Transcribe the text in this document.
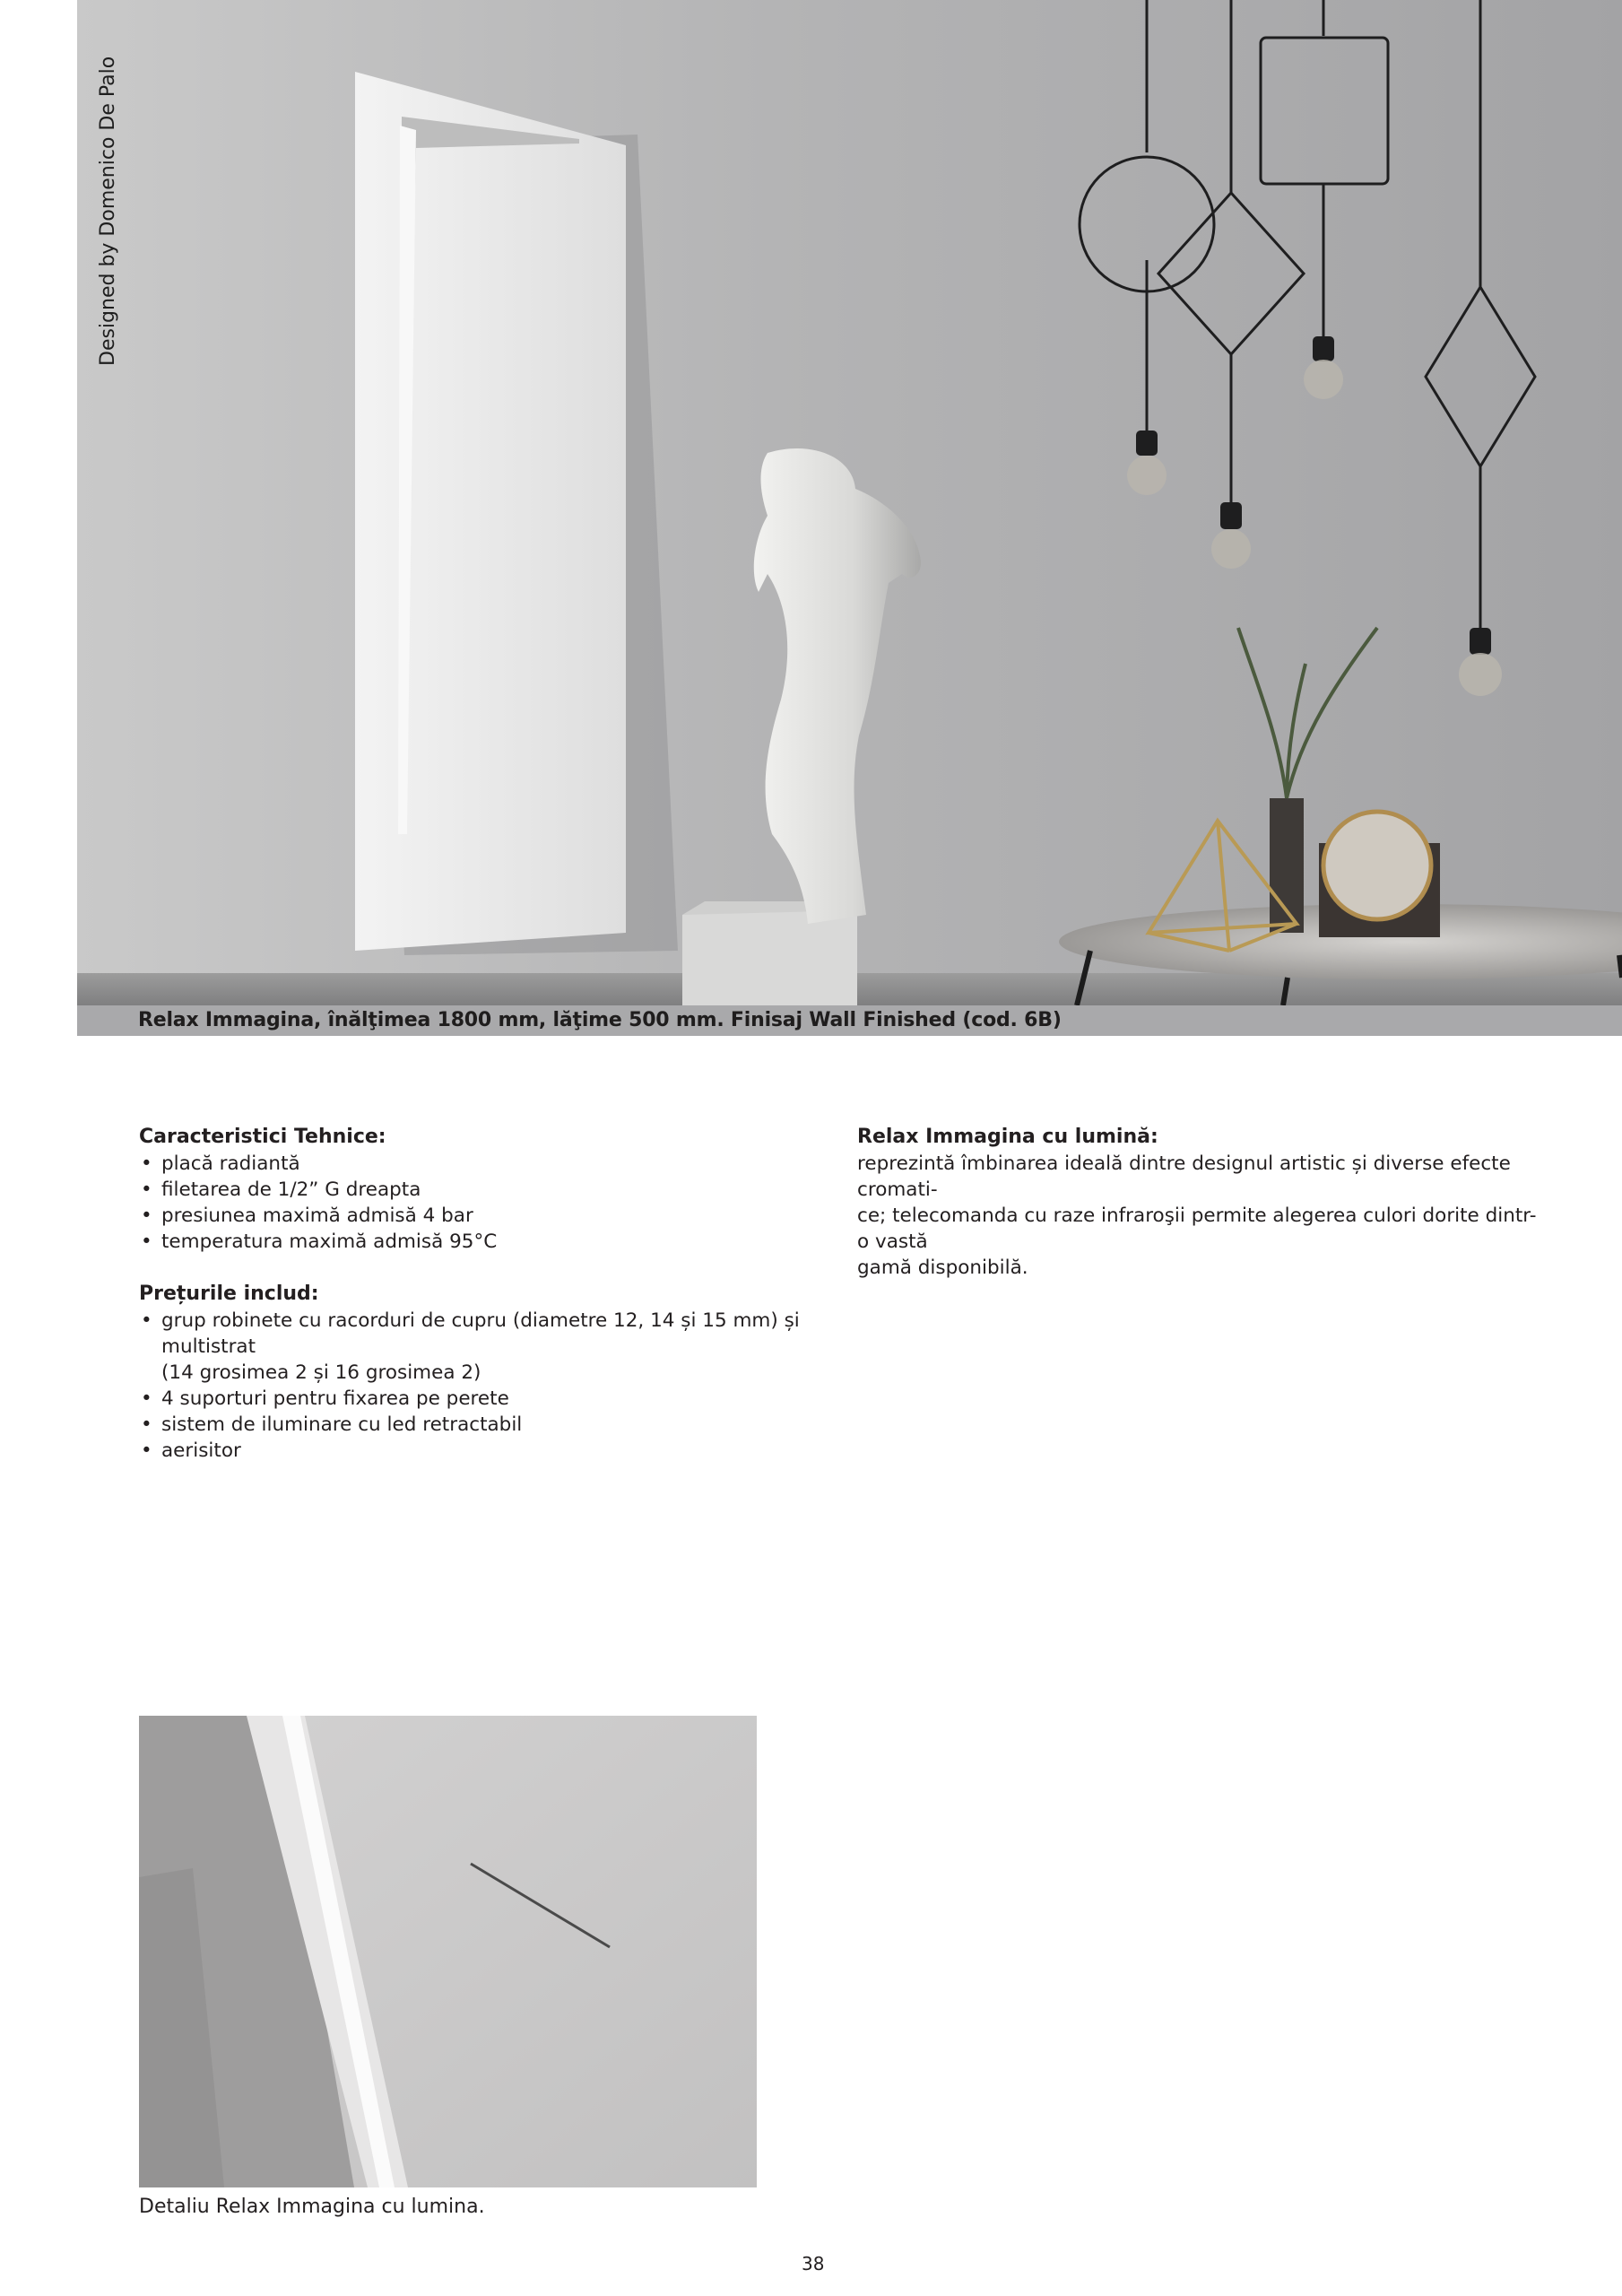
Designed by Domenico De Palo
Relax Immagina, înălţimea 1800 mm, lăţime 500 mm. Finisaj Wall Finished (cod. 6B)
Caracteristici Tehnice:
• placă radiantă
• filetarea de 1/2” G dreapta
• presiunea maximă admisă 4 bar
• temperatura maximă admisă 95°C
Relax Immagina cu lumină:

reprezintă îmbinarea ideală dintre designul artistic și diverse efecte cromati-

ce; telecomanda cu raze infraroşii permite alegerea culori dorite dintr-o vastă

gamă disponibilă.

Prețurile includ:
• grup robinete cu racorduri de cupru (diametre 12, 14 și 15 mm) și multistrat
(14 grosimea 2 și 16 grosimea 2)
• 4 suporturi pentru fixarea pe perete
• sistem de iluminare cu led retractabil
• aerisitor
Detaliu Relax Immagina cu lumina.
38
